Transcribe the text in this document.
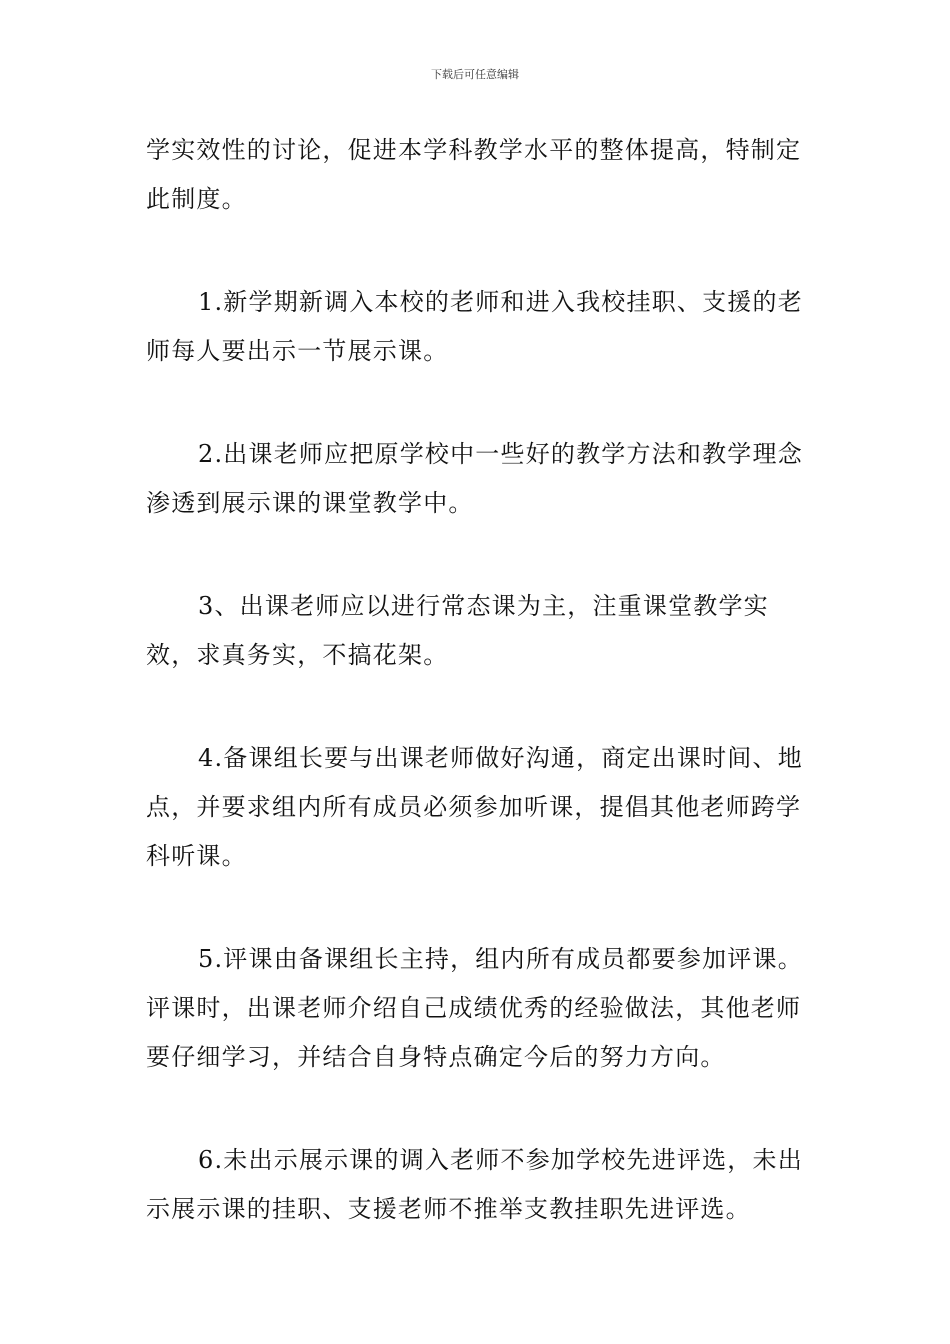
下载后可任意编辑

学实效性的讨论，促进本学科教学水平的整体提高，特制定此制度。

1.新学期新调入本校的老师和进入我校挂职、支援的老师每人要出示一节展示课。

2.出课老师应把原学校中一些好的教学方法和教学理念渗透到展示课的课堂教学中。

3、出课老师应以进行常态课为主，注重课堂教学实效，求真务实，不搞花架。

4.备课组长要与出课老师做好沟通，商定出课时间、地点，并要求组内所有成员必须参加听课，提倡其他老师跨学科听课。

5.评课由备课组长主持，组内所有成员都要参加评课。评课时，出课老师介绍自己成绩优秀的经验做法，其他老师要仔细学习，并结合自身特点确定今后的努力方向。

6.未出示展示课的调入老师不参加学校先进评选，未出示展示课的挂职、支援老师不推举支教挂职先进评选。
